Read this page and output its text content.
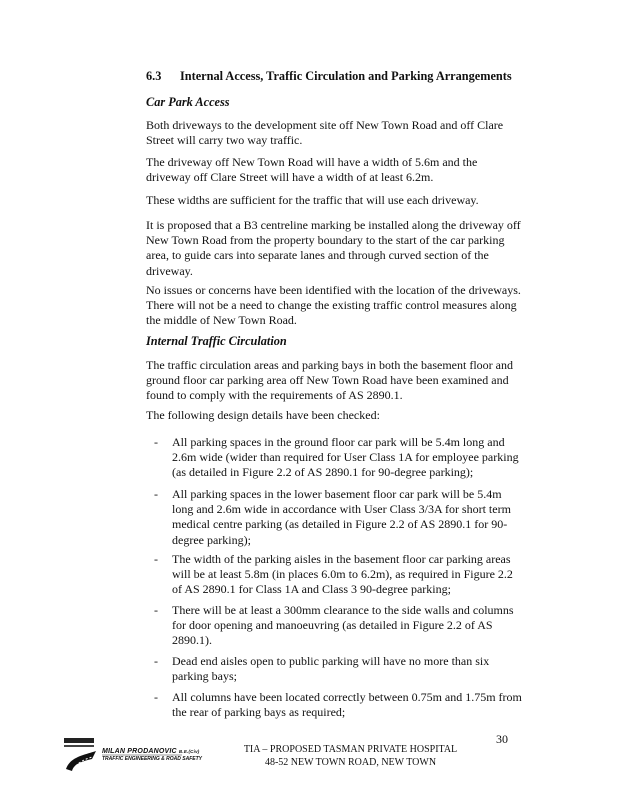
6.3 Internal Access, Traffic Circulation and Parking Arrangements
Car Park Access
Both driveways to the development site off New Town Road and off Clare
Street will carry two way traffic.
The driveway off New Town Road will have a width of 5.6m and the
driveway off Clare Street will have a width of at least 6.2m.
These widths are sufficient for the traffic that will use each driveway.
It is proposed that a B3 centreline marking be installed along the driveway off
New Town Road from the property boundary to the start of the car parking
area, to guide cars into separate lanes and through curved section of the
driveway.
No issues or concerns have been identified with the location of the driveways.
There will not be a need to change the existing traffic control measures along
the middle of New Town Road.
Internal Traffic Circulation
The traffic circulation areas and parking bays in both the basement floor and
ground floor car parking area off New Town Road have been examined and
found to comply with the requirements of AS 2890.1.
The following design details have been checked:
- All parking spaces in the ground floor car park will be 5.4m long and
2.6m wide (wider than required for User Class 1A for employee parking
(as detailed in Figure 2.2 of AS 2890.1 for 90-degree parking);
- All parking spaces in the lower basement floor car park will be 5.4m
long and 2.6m wide in accordance with User Class 3/3A for short term
medical centre parking (as detailed in Figure 2.2 of AS 2890.1 for 90-
degree parking);
- The width of the parking aisles in the basement floor car parking areas
will be at least 5.8m (in places 6.0m to 6.2m), as required in Figure 2.2
of AS 2890.1 for Class 1A and Class 3 90-degree parking;
- There will be at least a 300mm clearance to the side walls and columns
for door opening and manoeuvring (as detailed in Figure 2.2 of AS
2890.1).
- Dead end aisles open to public parking will have no more than six
parking bays;
- All columns have been located correctly between 0.75m and 1.75m from
the rear of parking bays as required;
MILAN PRODANOVIC B.E.(Civ)
TRAFFIC ENGINEERING & ROAD SAFETY
30
TIA – PROPOSED TASMAN PRIVATE HOSPITAL
48-52 NEW TOWN ROAD, NEW TOWN
